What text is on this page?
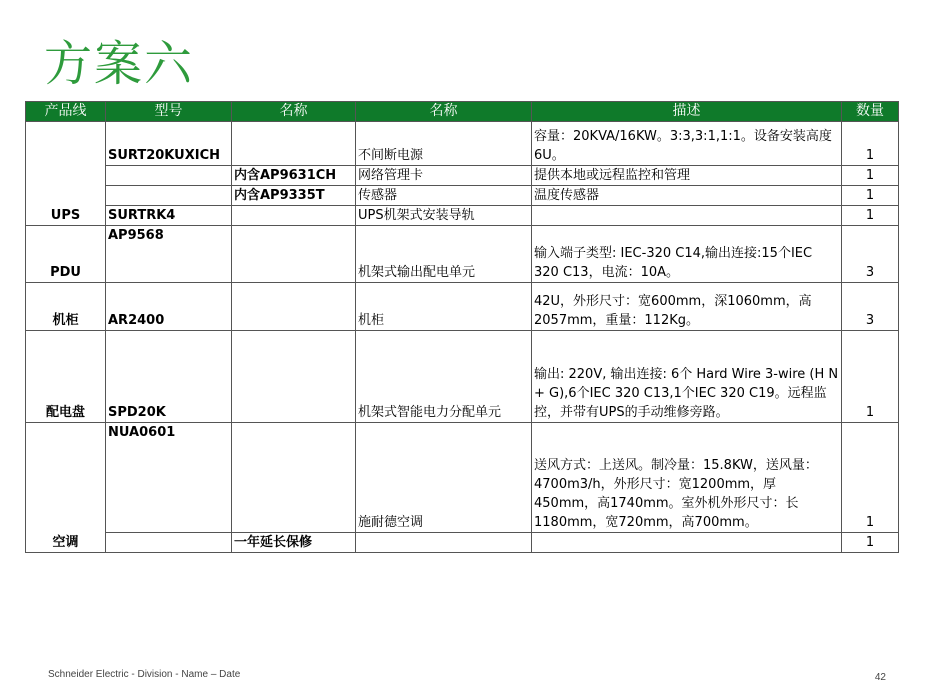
方案六
产品线	型号	名称	名称	描述	数量
UPS	SURT20KUXICH		不间断电源	容量：20KVA/16KW。3:3,3:1,1:1。设备安装高度6U。	1
		内含AP9631CH	网络管理卡	提供本地或远程监控和管理	1
		内含AP9335T	传感器	温度传感器	1
	SURTRK4		UPS机架式安装导轨		1
PDU	AP9568		机架式输出配电单元	输入端子类型: IEC-320 C14,输出连接:15个IEC 320 C13，电流：10A。	3
机柜	AR2400		机柜	42U，外形尺寸：宽600mm，深1060mm，高2057mm，重量：112Kg。	3
配电盘	SPD20K		机架式智能电力分配单元	输出: 220V, 输出连接: 6个 Hard Wire 3-wire (H N + G),6个IEC 320 C13,1个IEC 320 C19。远程监控，并带有UPS的手动维修旁路。	1
空调	NUA0601		施耐德空调	送风方式：上送风。制冷量：15.8KW，送风量：4700m3/h，外形尺寸：宽1200mm，厚450mm，高1740mm。室外机外形尺寸：长1180mm，宽720mm，高700mm。	1
		一年延长保修			1
Schneider Electric - Division - Name – Date	42
